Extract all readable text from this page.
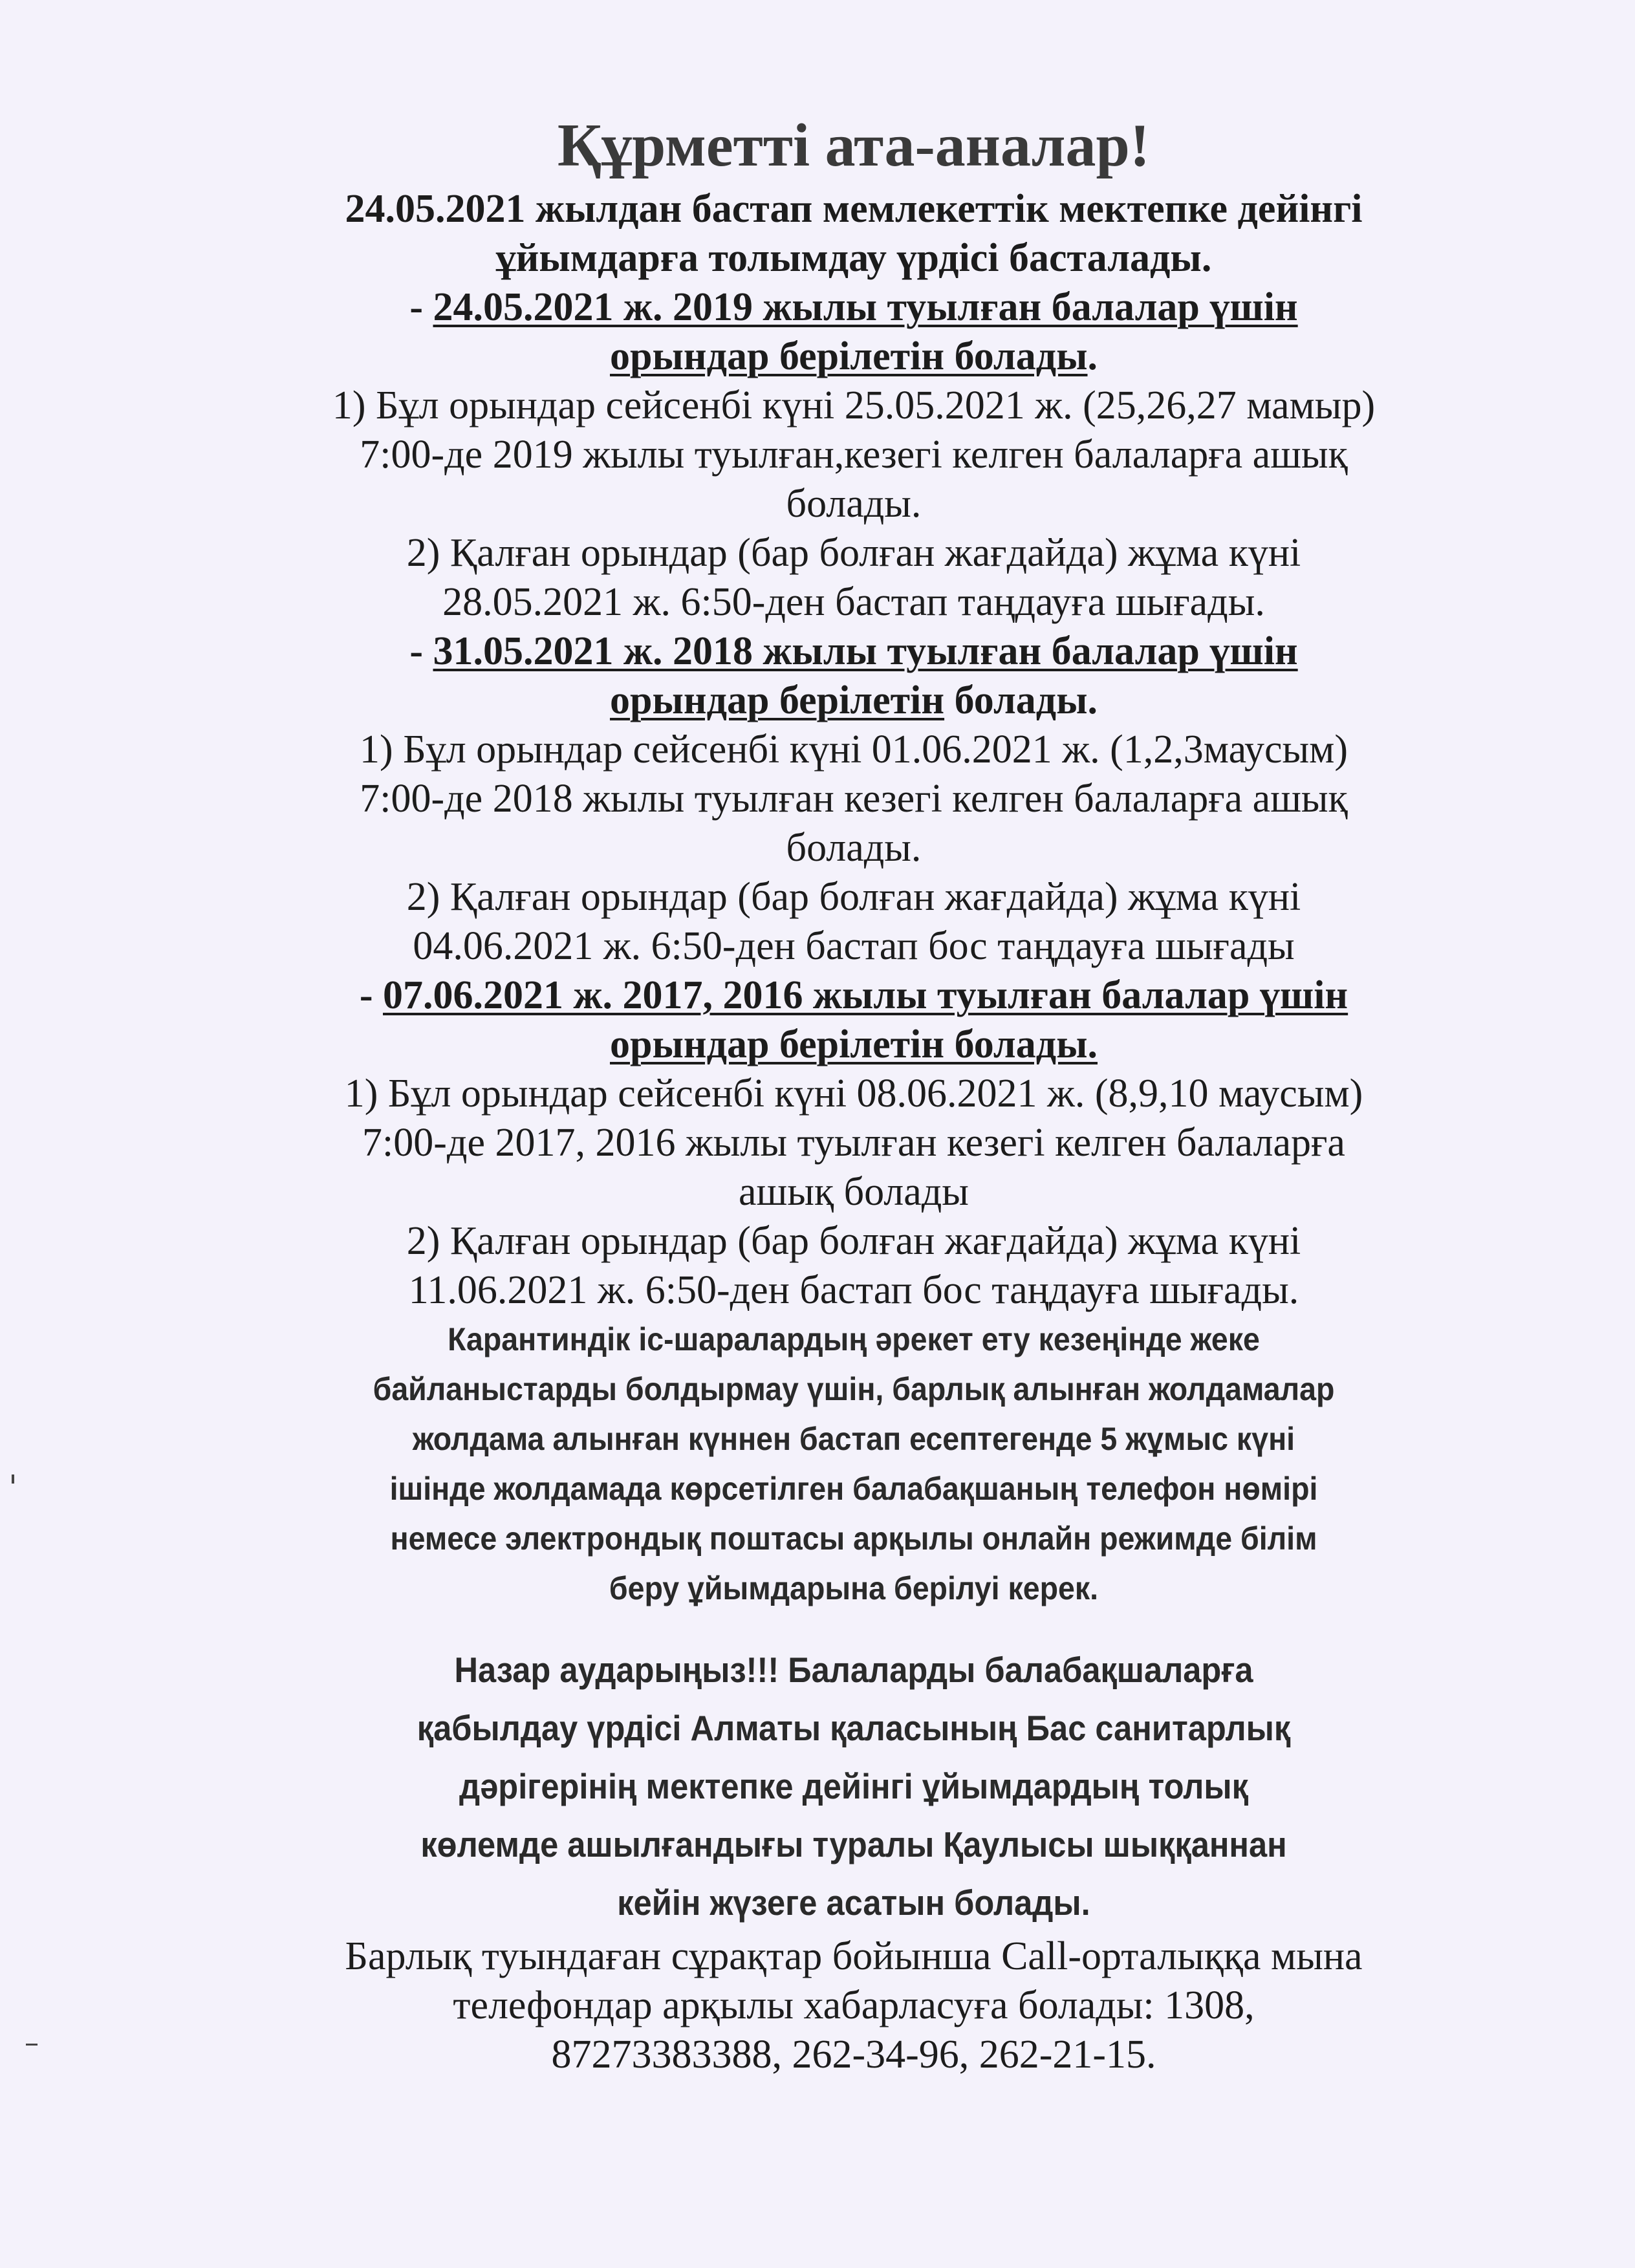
Құрметті ата-аналар!

24.05.2021 жылдан бастап мемлекеттік мектепке дейінгі

ұйымдарға толымдау үрдісі басталады.

- 24.05.2021 ж. 2019 жылы туылған балалар үшін

орындар берілетін болады.

1) Бұл орындар сейсенбі күні 25.05.2021 ж. (25,26,27 мамыр)

7:00-де 2019 жылы туылған,кезегі келген балаларға ашық

болады.

2) Қалған орындар (бар болған жағдайда) жұма күні

28.05.2021 ж. 6:50-ден бастап таңдауға шығады.

- 31.05.2021 ж. 2018 жылы туылған балалар үшін

орындар берілетін болады.

1) Бұл орындар сейсенбі күні 01.06.2021 ж. (1,2,3маусым)

7:00-де 2018 жылы туылған кезегі келген балаларға ашық

болады.

2) Қалған орындар (бар болған жағдайда) жұма күні

04.06.2021 ж. 6:50-ден бастап бос таңдауға шығады

- 07.06.2021 ж. 2017, 2016 жылы туылған балалар үшін

орындар берілетін болады.

1) Бұл орындар сейсенбі күні 08.06.2021 ж. (8,9,10 маусым)

7:00-де 2017, 2016 жылы туылған кезегі келген балаларға

ашық болады

2) Қалған орындар (бар болған жағдайда) жұма күні

11.06.2021 ж. 6:50-ден бастап бос таңдауға шығады.

Карантиндік іс-шаралардың әрекет ету кезеңінде жеке

байланыстарды болдырмау үшін, барлық алынған жолдамалар

жолдама алынған күннен бастап есептегенде 5 жұмыс күні

ішінде жолдамада көрсетілген балабақшаның телефон нөмірі

немесе электрондық поштасы арқылы онлайн режимде білім

беру ұйымдарына берілуі керек.

Назар аударыңыз!!! Балаларды балабақшаларға

қабылдау үрдісі Алматы қаласының Бас санитарлық

дәрігерінің мектепке дейінгі ұйымдардың толық

көлемде ашылғандығы туралы Қаулысы шыққаннан

кейін жүзеге асатын болады.

Барлық туындаған сұрақтар бойынша Call-орталыққа мына

телефондар арқылы хабарласуға болады: 1308,

87273383388, 262-34-96, 262-21-15.
